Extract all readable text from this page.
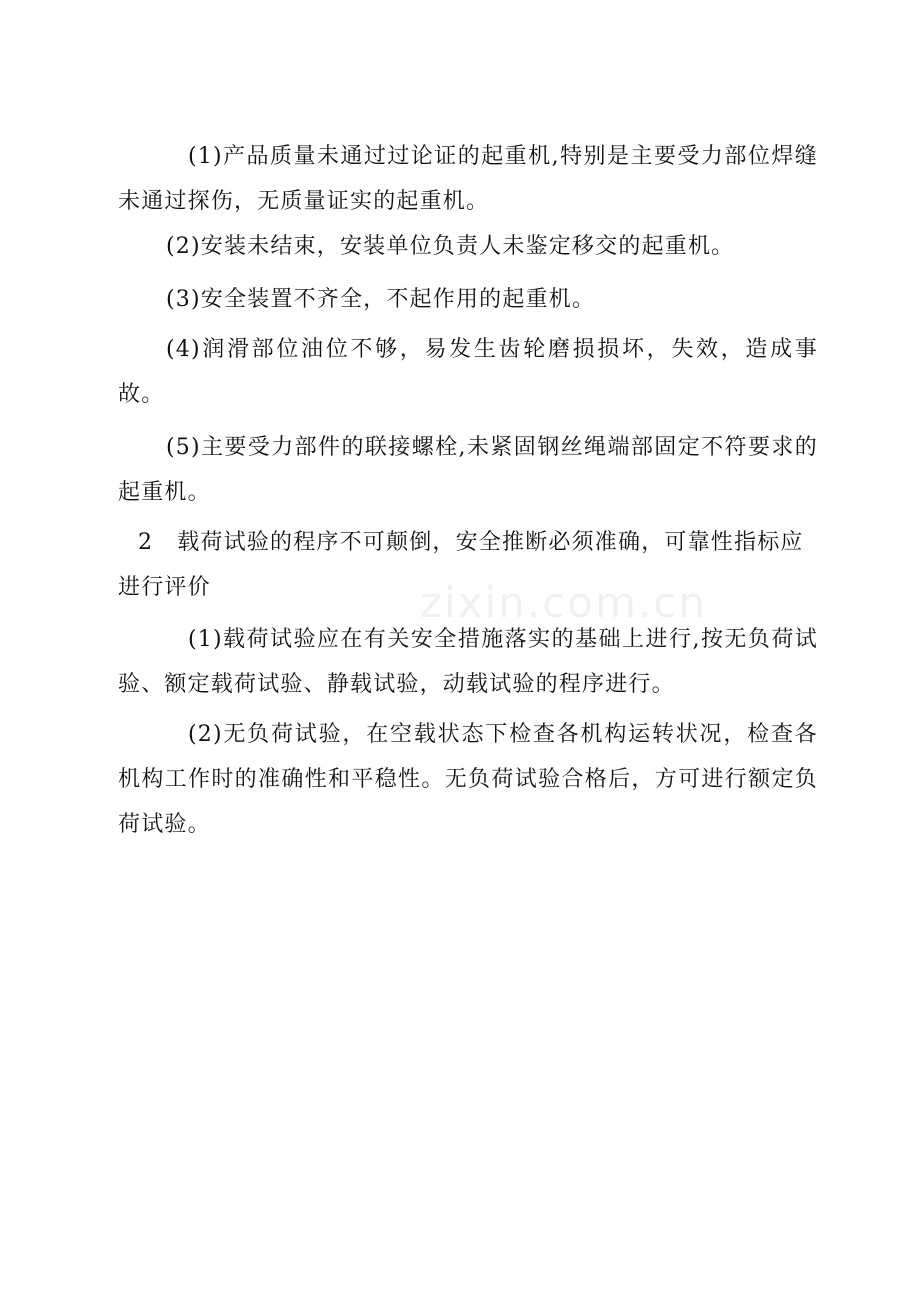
zixin.com.cn

(1)产品质量未通过过论证的起重机,特别是主要受力部位焊缝未通过探伤，无质量证实的起重机。

(2)安装未结束，安装单位负责人未鉴定移交的起重机。

(3)安全装置不齐全，不起作用的起重机。

(4)润滑部位油位不够，易发生齿轮磨损损坏，失效，造成事故。

(5)主要受力部件的联接螺栓,未紧固钢丝绳端部固定不符要求的起重机。

2 载荷试验的程序不可颠倒，安全推断必须准确，可靠性指标应进行评价

(1)载荷试验应在有关安全措施落实的基础上进行,按无负荷试验、额定载荷试验、静载试验，动载试验的程序进行。

(2)无负荷试验，在空载状态下检查各机构运转状况，检查各机构工作时的准确性和平稳性。无负荷试验合格后，方可进行额定负荷试验。
